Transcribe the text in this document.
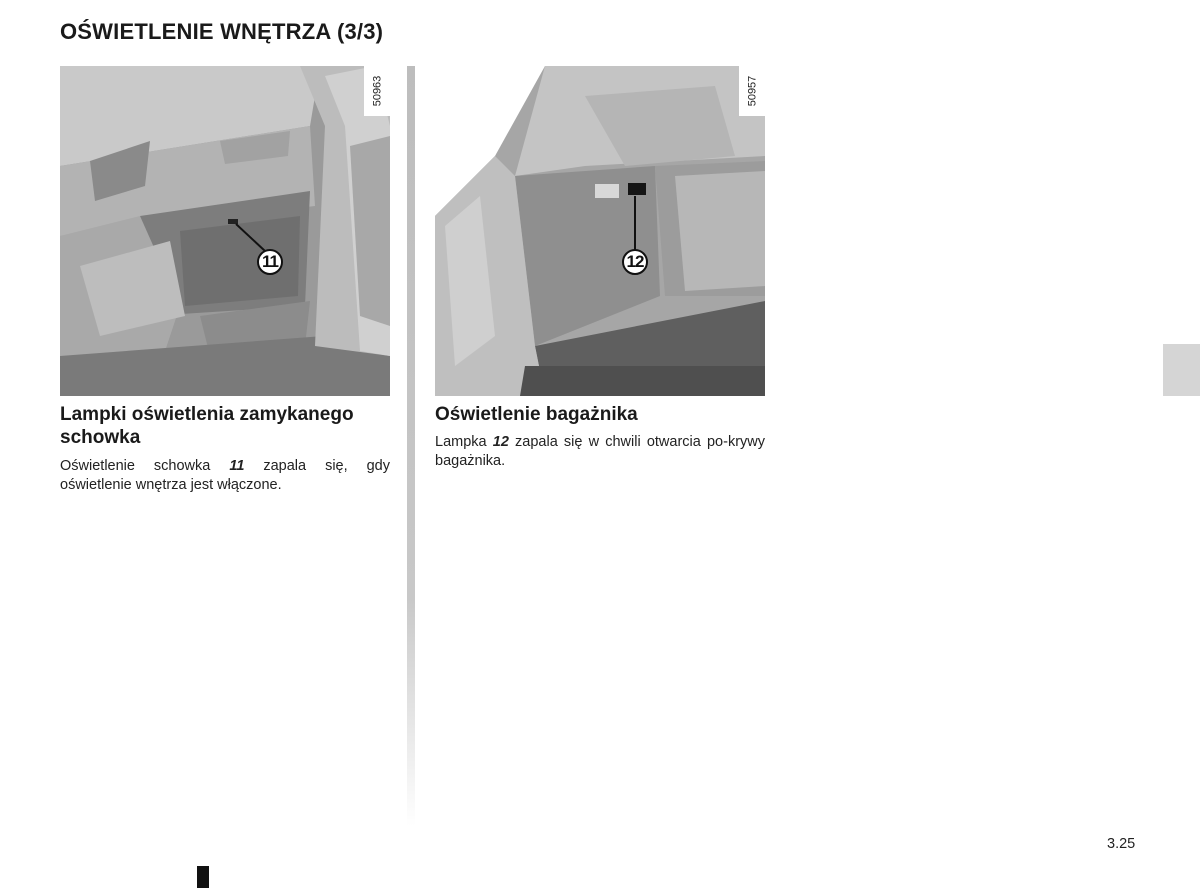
OŚWIETLENIE WNĘTRZA (3/3)
50963
11
50957
12
Lampki oświetlenia zamykanego schowka

Oświetlenie schowka 11 zapala się, gdy oświetlenie wnętrza jest włączone.

Oświetlenie bagażnika

Lampka 12 zapala się w chwili otwarcia po-krywy bagażnika.

3.25
